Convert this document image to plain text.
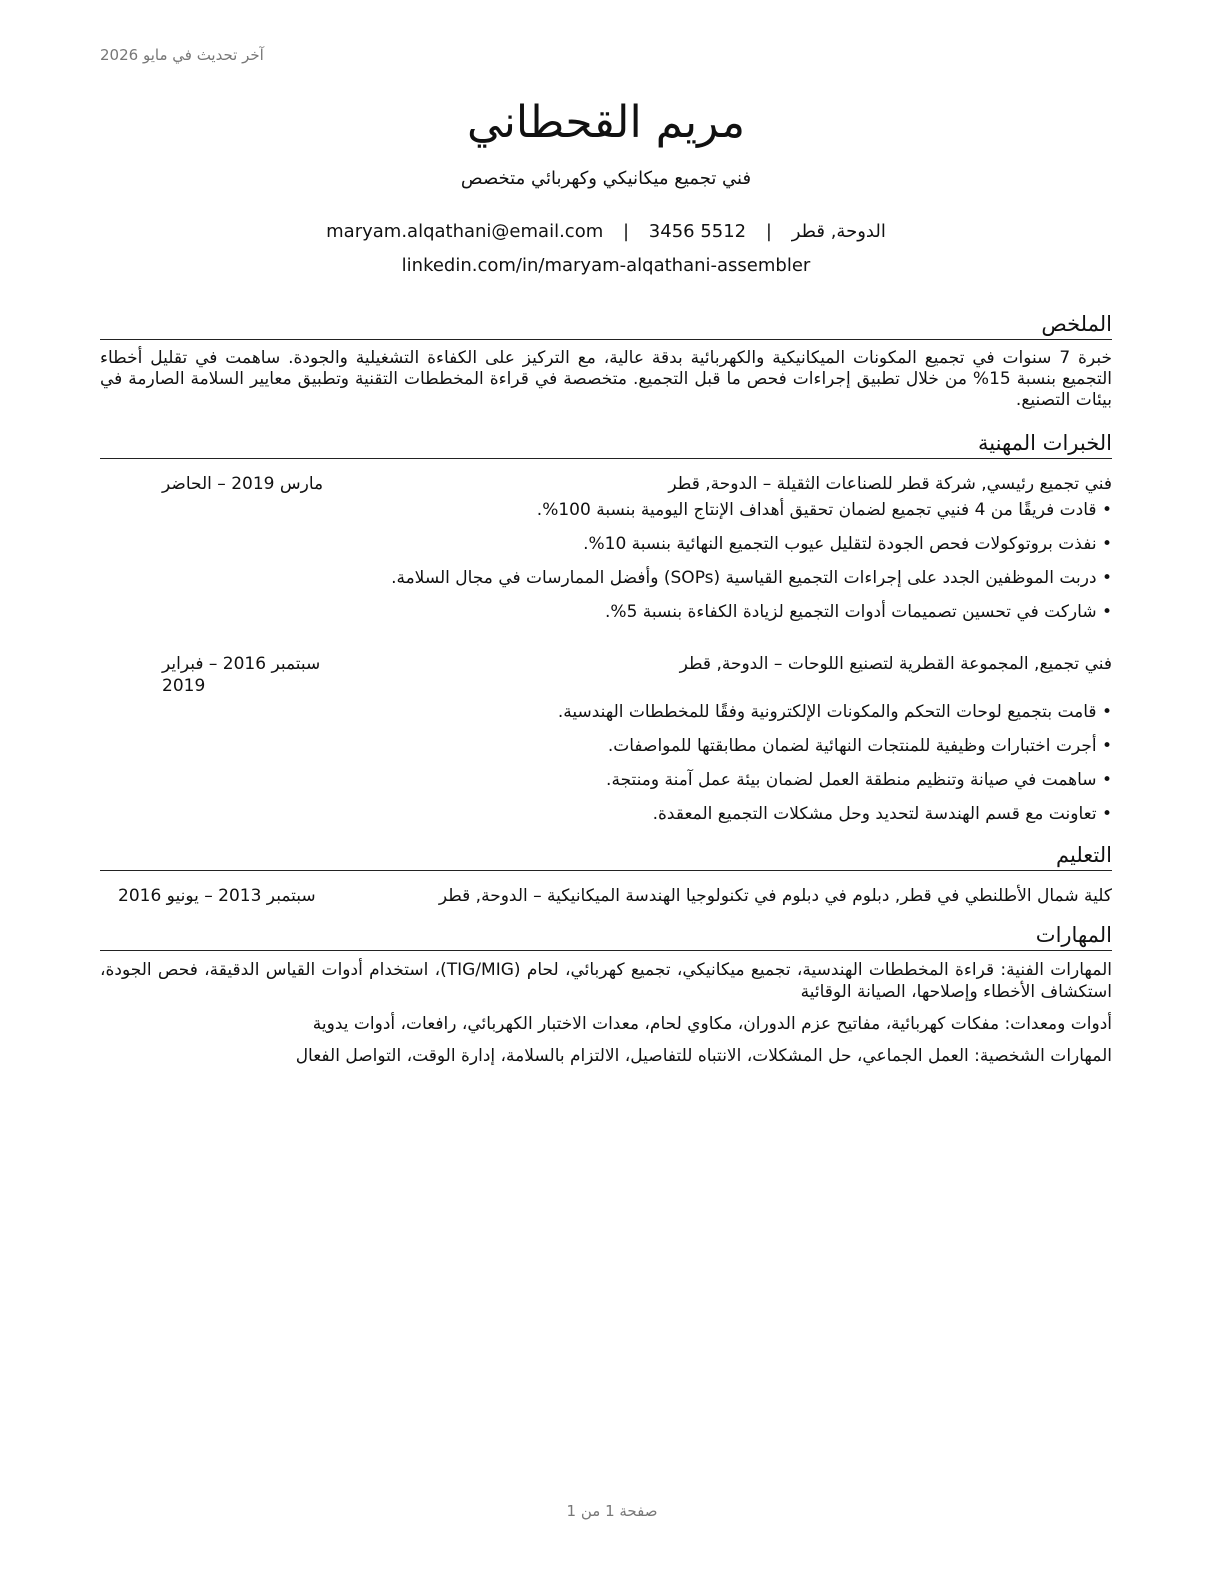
آخر تحديث في مايو 2026
مريم القحطاني
فني تجميع ميكانيكي وكهربائي متخصص
الدوحة, قطر | maryam.alqathani@email.com | 3456 5512
linkedin.com/in/maryam-alqathani-assembler
الملخص

خبرة 7 سنوات في تجميع المكونات الميكانيكية والكهربائية بدقة عالية، مع التركيز على الكفاءة التشغيلية والجودة. ساهمت في تقليل أخطاء التجميع بنسبة 15% من خلال تطبيق إجراءات فحص ما قبل التجميع. متخصصة في قراءة المخططات التقنية وتطبيق معايير السلامة الصارمة في بيئات التصنيع.

الخبرات المهنية
فني تجميع رئيسي, شركة قطر للصناعات الثقيلة – الدوحة, قطر
مارس 2019 – الحاضر
• قادت فريقًا من 4 فنيي تجميع لضمان تحقيق أهداف الإنتاج اليومية بنسبة 100%.
• نفذت بروتوكولات فحص الجودة لتقليل عيوب التجميع النهائية بنسبة 10%.
• دربت الموظفين الجدد على إجراءات التجميع القياسية (SOPs) وأفضل الممارسات في مجال السلامة.
• شاركت في تحسين تصميمات أدوات التجميع لزيادة الكفاءة بنسبة 5%.
فني تجميع, المجموعة القطرية لتصنيع اللوحات – الدوحة, قطر
سبتمبر 2016 – فبراير 2019
• قامت بتجميع لوحات التحكم والمكونات الإلكترونية وفقًا للمخططات الهندسية.
• أجرت اختبارات وظيفية للمنتجات النهائية لضمان مطابقتها للمواصفات.
• ساهمت في صيانة وتنظيم منطقة العمل لضمان بيئة عمل آمنة ومنتجة.
• تعاونت مع قسم الهندسة لتحديد وحل مشكلات التجميع المعقدة.
التعليم
كلية شمال الأطلنطي في قطر, دبلوم في دبلوم في تكنولوجيا الهندسة الميكانيكية – الدوحة, قطر
سبتمبر 2013 – يونيو 2016
المهارات

المهارات الفنية: قراءة المخططات الهندسية، تجميع ميكانيكي، تجميع كهربائي، لحام (TIG/MIG)، استخدام أدوات القياس الدقيقة، فحص الجودة، استكشاف الأخطاء وإصلاحها، الصيانة الوقائية

أدوات ومعدات: مفكات كهربائية، مفاتيح عزم الدوران، مكاوي لحام، معدات الاختبار الكهربائي، رافعات، أدوات يدوية

المهارات الشخصية: العمل الجماعي، حل المشكلات، الانتباه للتفاصيل، الالتزام بالسلامة، إدارة الوقت، التواصل الفعال

صفحة 1 من 1
